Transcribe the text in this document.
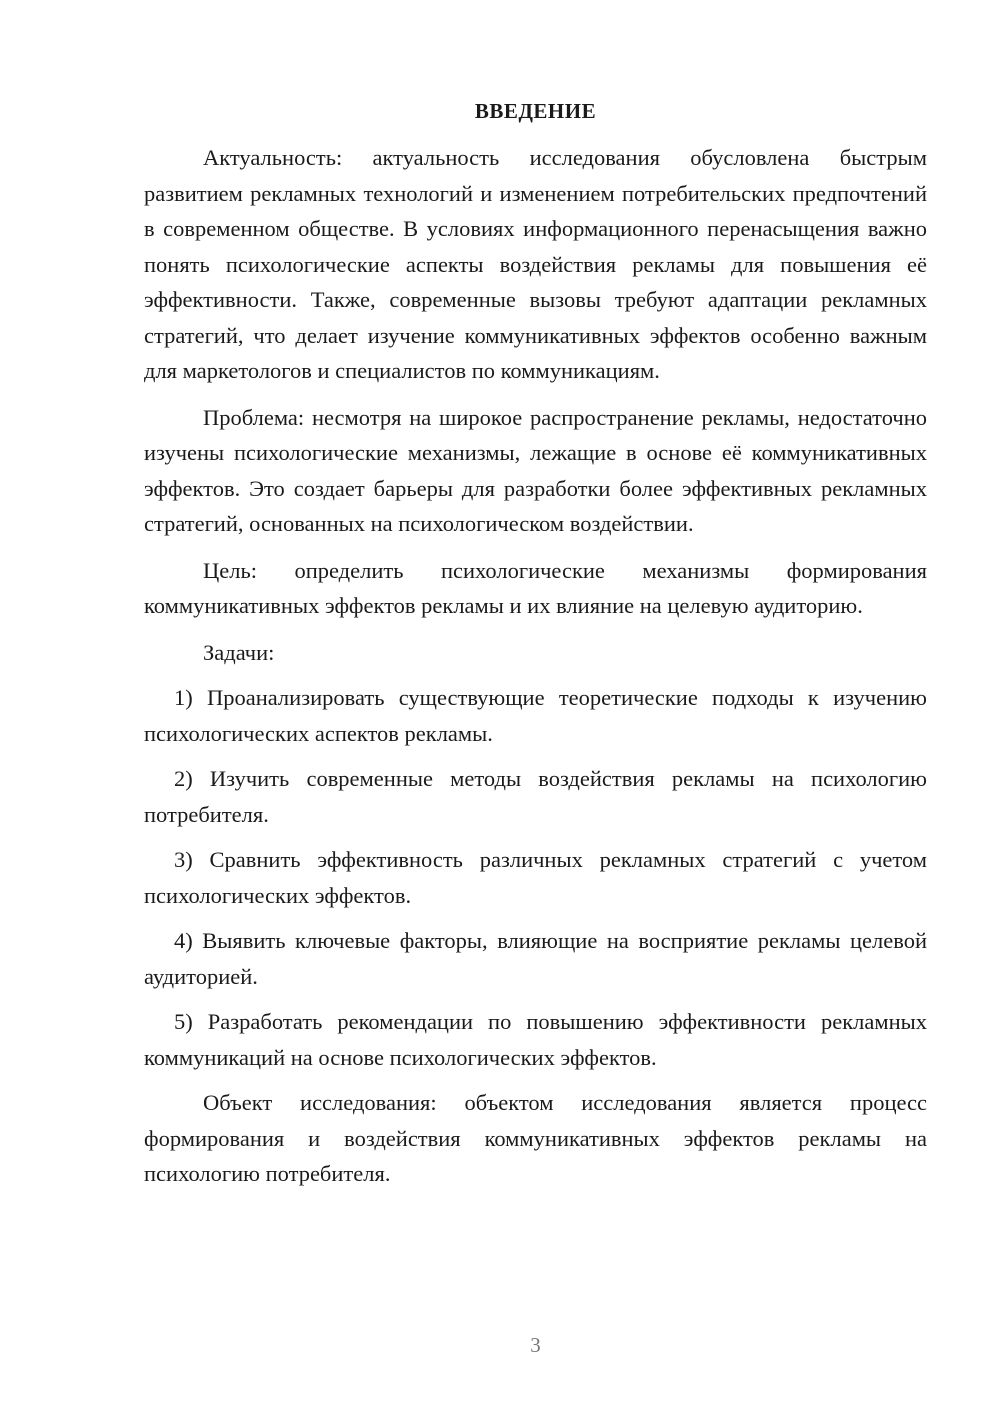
ВВЕДЕНИЕ

Актуальность: актуальность исследования обусловлена быстрым развитием рекламных технологий и изменением потребительских предпочтений в современном обществе. В условиях информационного перенасыщения важно понять психологические аспекты воздействия рекламы для повышения её эффективности. Также, современные вызовы требуют адаптации рекламных стратегий, что делает изучение коммуникативных эффектов особенно важным для маркетологов и специалистов по коммуникациям.

Проблема: несмотря на широкое распространение рекламы, недостаточно изучены психологические механизмы, лежащие в основе её коммуникативных эффектов. Это создает барьеры для разработки более эффективных рекламных стратегий, основанных на психологическом воздействии.

Цель: определить психологические механизмы формирования коммуникативных эффектов рекламы и их влияние на целевую аудиторию.

Задачи:

1) Проанализировать существующие теоретические подходы к изучению психологических аспектов рекламы.

2) Изучить современные методы воздействия рекламы на психологию потребителя.

3) Сравнить эффективность различных рекламных стратегий с учетом психологических эффектов.

4) Выявить ключевые факторы, влияющие на восприятие рекламы целевой аудиторией.

5) Разработать рекомендации по повышению эффективности рекламных коммуникаций на основе психологических эффектов.

Объект исследования: объектом исследования является процесс формирования и воздействия коммуникативных эффектов рекламы на психологию потребителя.

3
